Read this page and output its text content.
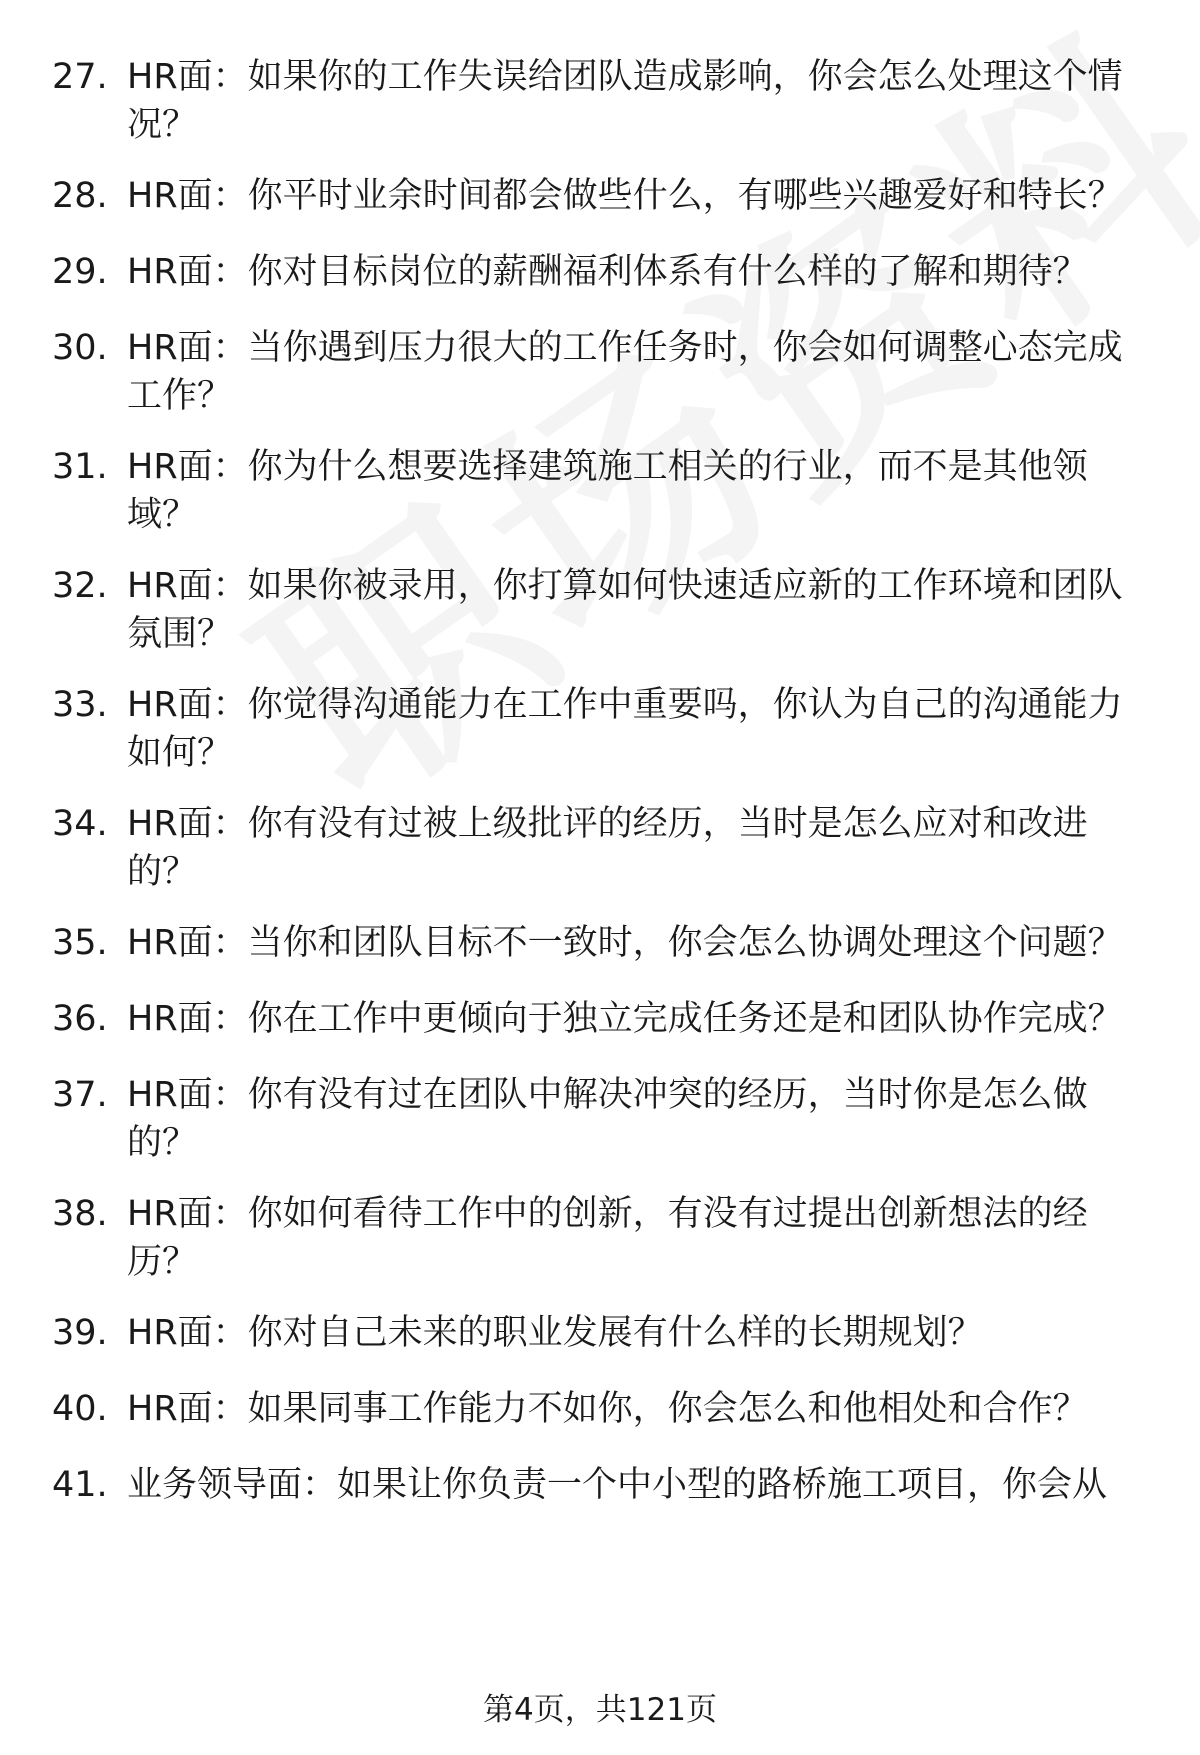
27. HR面：如果你的工作失误给团队造成影响，你会怎么处理这个情况？
28. HR面：你平时业余时间都会做些什么，有哪些兴趣爱好和特长？
29. HR面：你对目标岗位的薪酬福利体系有什么样的了解和期待？
30. HR面：当你遇到压力很大的工作任务时，你会如何调整心态完成工作？
31. HR面：你为什么想要选择建筑施工相关的行业，而不是其他领域？
32. HR面：如果你被录用，你打算如何快速适应新的工作环境和团队氛围？
33. HR面：你觉得沟通能力在工作中重要吗，你认为自己的沟通能力如何？
34. HR面：你有没有过被上级批评的经历，当时是怎么应对和改进的？
35. HR面：当你和团队目标不一致时，你会怎么协调处理这个问题？
36. HR面：你在工作中更倾向于独立完成任务还是和团队协作完成？
37. HR面：你有没有过在团队中解决冲突的经历，当时你是怎么做的？
38. HR面：你如何看待工作中的创新，有没有过提出创新想法的经历？
39. HR面：你对自己未来的职业发展有什么样的长期规划？
40. HR面：如果同事工作能力不如你，你会怎么和他相处和合作？
41. 业务领导面：如果让你负责一个中小型的路桥施工项目，你会从
第4页，共121页
